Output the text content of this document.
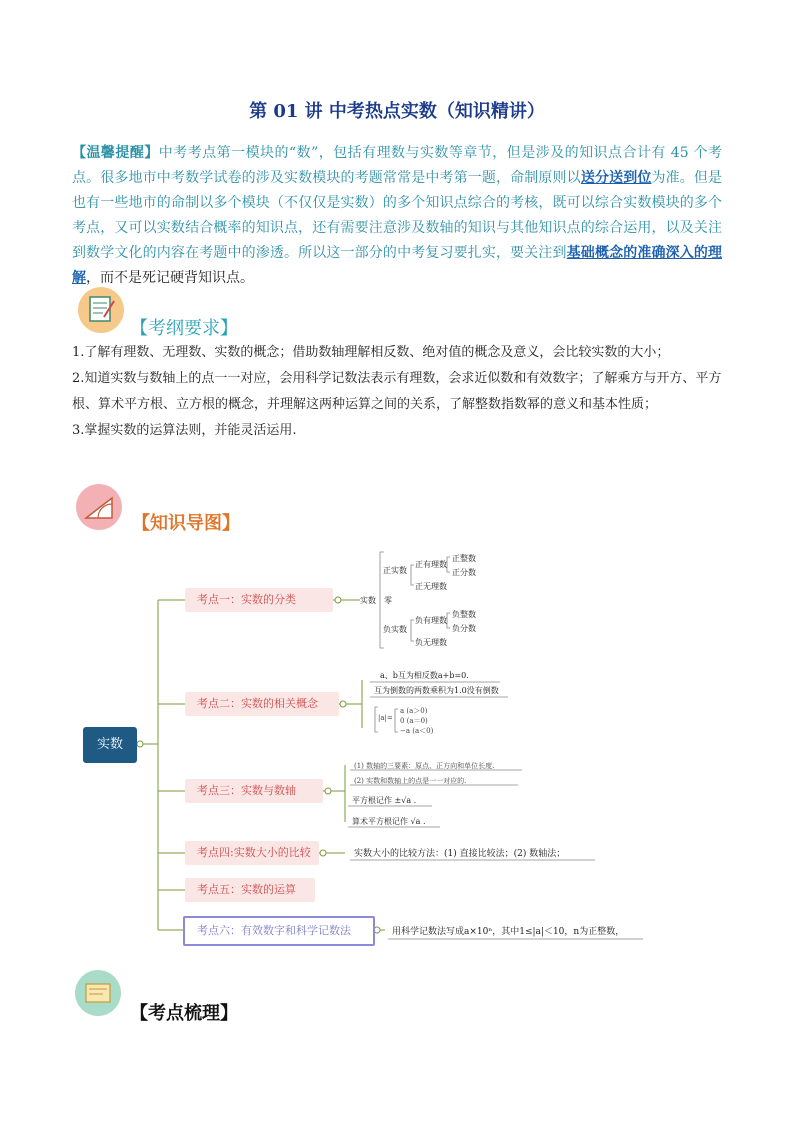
第 01 讲 中考热点实数（知识精讲）
【温馨提醒】中考考点第一模块的“数”，包括有理数与实数等章节，但是涉及的知识点合计有 45 个考点。很多地市中考数学试卷的涉及实数模块的考题常常是中考第一题，命制原则以送分送到位为准。但是也有一些地市的命制以多个模块（不仅仅是实数）的多个知识点综合的考核，既可以综合实数模块的多个考点，又可以实数结合概率的知识点，还有需要注意涉及数轴的知识与其他知识点的综合运用，以及关注到数学文化的内容在考题中的渗透。所以这一部分的中考复习要扎实，要关注到基础概念的准确深入的理解，而不是死记硬背知识点。
【考纲要求】
1.了解有理数、无理数、实数的概念；借助数轴理解相反数、绝对值的概念及意义，会比较实数的大小；
2.知道实数与数轴上的点一一对应，会用科学记数法表示有理数，会求近似数和有效数字；了解乘方与开方、平方根、算术平方根、立方根的概念，并理解这两种运算之间的关系，了解整数指数幂的意义和基本性质；
3.掌握实数的运算法则，并能灵活运用.
【知识导图】
实数
考点一：实数的分类
考点二：实数的相关概念
考点三：实数与数轴
考点四:实数大小的比较
考点五：实数的运算
考点六：有效数字和科学记数法
实数
正实数
零
负实数
正有理数
正整数
正分数
正无理数
负有理数
负整数
负分数
负无理数
a、b互为相反数a+b=0.
互为倒数的两数乘积为1.0没有倒数
|a|=
a (a＞0)
0 (a＝0)
−a (a＜0)
(1) 数轴的三要素：原点、正方向和单位长度.
(2) 实数和数轴上的点是一一对应的.
平方根记作 ±√a .
算术平方根记作 √a .
实数大小的比较方法：(1) 直接比较法；(2) 数轴法；
用科学记数法写成a×10ⁿ，其中1≤|a|＜10，n为正整数，
【考点梳理】
